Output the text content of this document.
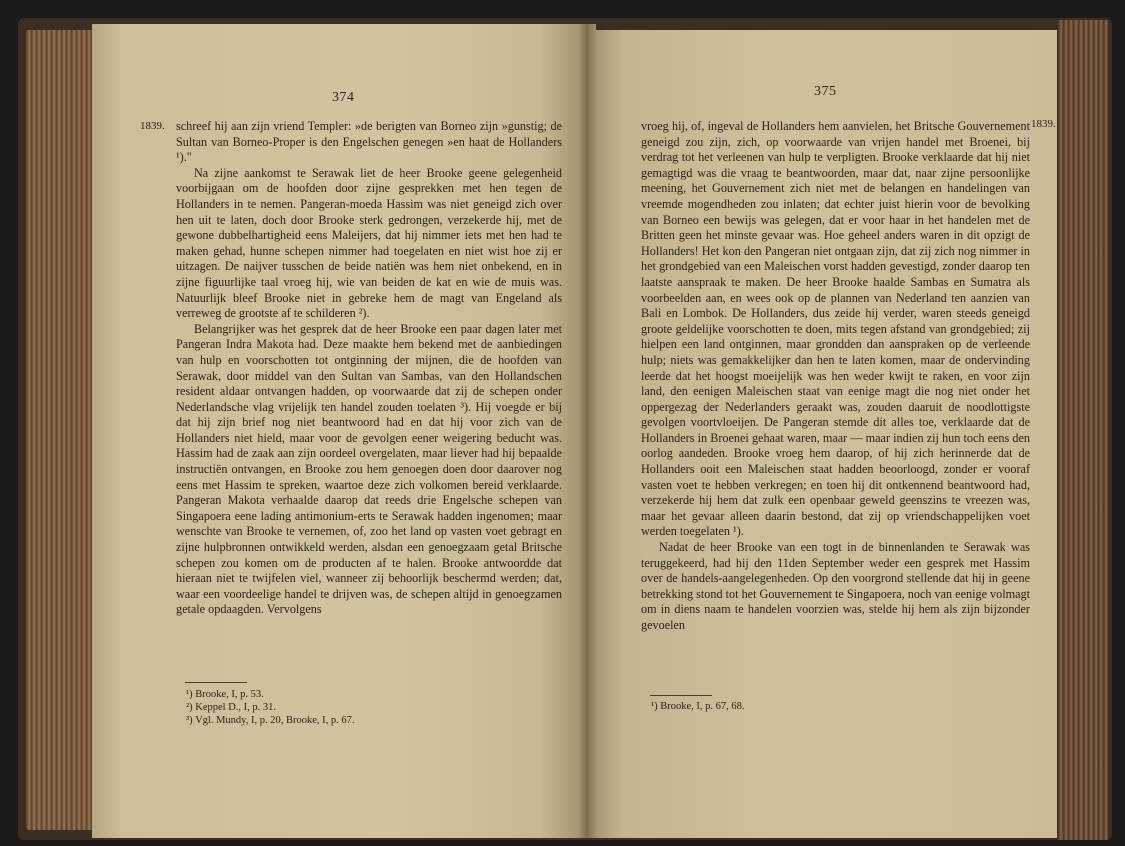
374
1839. schreef hij aan zijn vriend Templer: »de berigten van Borneo zijn »gunstig; de Sultan van Borneo-Proper is den Engelschen genegen »en haat de Hollanders ¹)."

Na zijne aankomst te Serawak liet de heer Brooke geene gelegenheid voorbijgaan om de hoofden door zijne gesprekken met hen tegen de Hollanders in te nemen. Pangeran-moeda Hassim was niet geneigd zich over hen uit te laten, doch door Brooke sterk gedrongen, verzekerde hij, met de gewone dubbelhartigheid eens Maleijers, dat hij nimmer iets met hen had te maken gehad, hunne schepen nimmer had toegelaten en niet wist hoe zij er uitzagen. De naijver tusschen de beide natiën was hem niet onbekend, en in zijne figuurlijke taal vroeg hij, wie van beiden de kat en wie de muis was. Natuurlijk bleef Brooke niet in gebreke hem de magt van Engeland als verreweg de grootste af te schilderen ²).

Belangrijker was het gesprek dat de heer Brooke een paar dagen later met Pangeran Indra Makota had. Deze maakte hem bekend met de aanbiedingen van hulp en voorschotten tot ontginning der mijnen, die de hoofden van Serawak, door middel van den Sultan van Sambas, van den Hollandschen resident aldaar ontvangen hadden, op voorwaarde dat zij de schepen onder Nederlandsche vlag vrijelijk ten handel zouden toelaten ³). Hij voegde er bij dat hij zijn brief nog niet beantwoord had en dat hij voor zich van de Hollanders niet hield, maar voor de gevolgen eener weigering beducht was. Hassim had de zaak aan zijn oordeel overgelaten, maar liever had hij bepaalde instructiën ontvangen, en Brooke zou hem genoegen doen door daarover nog eens met Hassim te spreken, waartoe deze zich volkomen bereid verklaarde. Pangeran Makota verhaalde daarop dat reeds drie Engelsche schepen van Singapoera eene lading antimonium-erts te Serawak hadden ingenomen; maar wenschte van Brooke te vernemen, of, zoo het land op vasten voet gebragt en zijne hulpbronnen ontwikkeld werden, alsdan een genoegzaam getal Britsche schepen zou komen om de producten af te halen. Brooke antwoordde dat hieraan niet te twijfelen viel, wanneer zij behoorlijk beschermd werden; dat, waar een voordeelige handel te drijven was, de schepen altijd in genoegzamen getale opdaagden. Vervolgens

¹) Brooke, I, p. 53.
²) Keppel D., I, p. 31.
³) Vgl. Mundy, I, p. 20, Brooke, I, p. 67.
375
1839.

vroeg hij, of, ingeval de Hollanders hem aanvielen, het Britsche Gouvernement geneigd zou zijn, zich, op voorwaarde van vrijen handel met Broenei, bij verdrag tot het verleenen van hulp te verpligten. Brooke verklaarde dat hij niet gemagtigd was die vraag te beantwoorden, maar dat, naar zijne persoonlijke meening, het Gouvernement zich niet met de belangen en handelingen van vreemde mogendheden zou inlaten; dat echter juist hierin voor de bevolking van Borneo een bewijs was gelegen, dat er voor haar in het handelen met de Britten geen het minste gevaar was. Hoe geheel anders waren in dit opzigt de Hollanders! Het kon den Pangeran niet ontgaan zijn, dat zij zich nog nimmer in het grondgebied van een Maleischen vorst hadden gevestigd, zonder daarop ten laatste aanspraak te maken. De heer Brooke haalde Sambas en Sumatra als voorbeelden aan, en wees ook op de plannen van Nederland ten aanzien van Bali en Lombok. De Hollanders, dus zeide hij verder, waren steeds geneigd groote geldelijke voorschotten te doen, mits tegen afstand van grondgebied; zij hielpen een land ontginnen, maar grondden dan aanspraken op de verleende hulp; niets was gemakkelijker dan hen te laten komen, maar de ondervinding leerde dat het hoogst moeijelijk was hen weder kwijt te raken, en voor zijn land, den eenigen Maleischen staat van eenige magt die nog niet onder het oppergezag der Nederlanders geraakt was, zouden daaruit de noodlottigste gevolgen voortvloeijen. De Pangeran stemde dit alles toe, verklaarde dat de Hollanders in Broenei gehaat waren, maar — maar indien zij hun toch eens den oorlog aandeden. Brooke vroeg hem daarop, of hij zich herinnerde dat de Hollanders ooit een Maleischen staat hadden beoorloogd, zonder er vooraf vasten voet te hebben verkregen; en toen hij dit ontkennend beantwoord had, verzekerde hij hem dat zulk een openbaar geweld geenszins te vreezen was, maar het gevaar alleen daarin bestond, dat zij op vriendschappelijken voet werden toegelaten ¹).

Nadat de heer Brooke van een togt in de binnenlanden te Serawak was teruggekeerd, had hij den 11den September weder een gesprek met Hassim over de handels-aangelegenheden. Op den voorgrond stellende dat hij in geene betrekking stond tot het Gouvernement te Singapoera, noch van eenige volmagt om in diens naam te handelen voorzien was, stelde hij hem als zijn bijzonder gevoelen

¹) Brooke, I, p. 67, 68.
